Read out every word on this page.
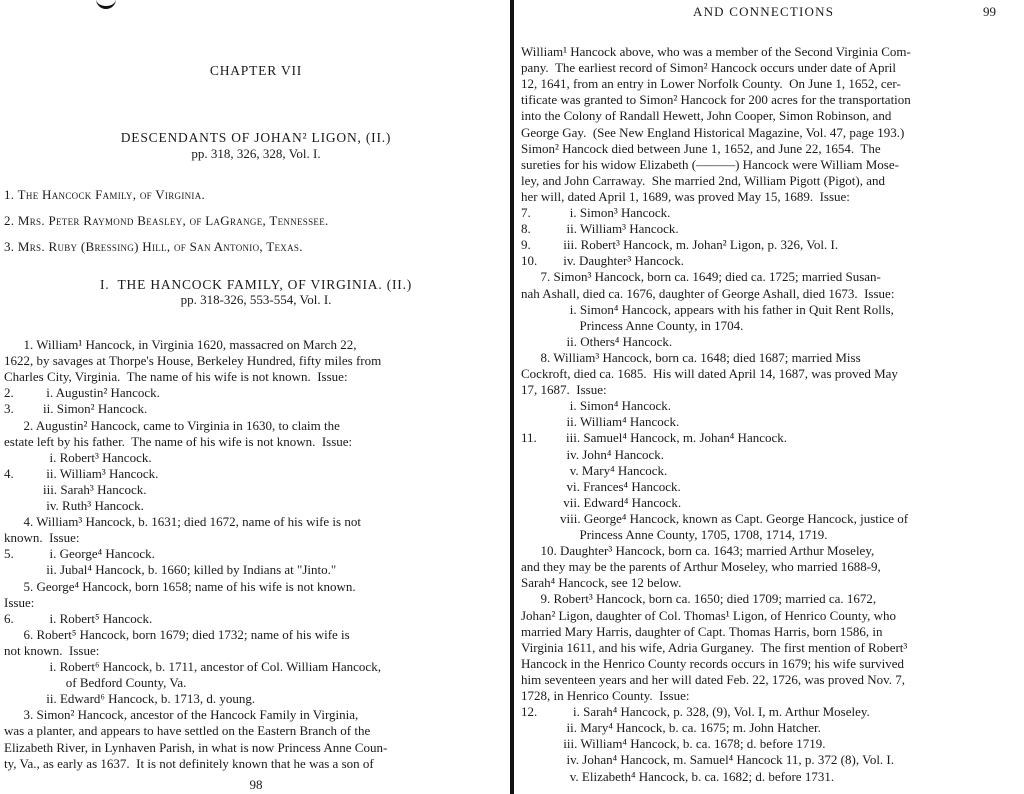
CHAPTER VII
DESCENDANTS OF JOHAN² LIGON, (II.)
pp. 318, 326, 328, Vol. I.
1. The Hancock Family, of Virginia.
2. Mrs. Peter Raymond Beasley, of LaGrange, Tennessee.
3. Mrs. Ruby (Bressing) Hill, of San Antonio, Texas.
I.  THE HANCOCK FAMILY, OF VIRGINIA. (II.)
pp. 318-326, 553-554, Vol. I.
1. William¹ Hancock, in Virginia 1620, massacred on March 22,
1622, by savages at Thorpe's House, Berkeley Hundred, fifty miles from
Charles City, Virginia.  The name of his wife is not known.  Issue:
2.          i. Augustin² Hancock.
3.         ii. Simon² Hancock.
2. Augustin² Hancock, came to Virginia in 1630, to claim the
estate left by his father.  The name of his wife is not known.  Issue:
i. Robert³ Hancock.
4.          ii. William³ Hancock.
iii. Sarah³ Hancock.
iv. Ruth³ Hancock.
4. William³ Hancock, b. 1631; died 1672, name of his wife is not
known.  Issue:
5.           i. George⁴ Hancock.
ii. Jubal⁴ Hancock, b. 1660; killed by Indians at "Jinto."
5. George⁴ Hancock, born 1658; name of his wife is not known.
Issue:
6.           i. Robert⁵ Hancock.
6. Robert⁵ Hancock, born 1679; died 1732; name of his wife is
not known.  Issue:
i. Robert⁶ Hancock, b. 1711, ancestor of Col. William Hancock,
of Bedford County, Va.
ii. Edward⁶ Hancock, b. 1713, d. young.
3. Simon² Hancock, ancestor of the Hancock Family in Virginia,
was a planter, and appears to have settled on the Eastern Branch of the
Elizabeth River, in Lynhaven Parish, in what is now Princess Anne Coun-
ty, Va., as early as 1637.  It is not definitely known that he was a son of
98
AND CONNECTIONS	99
William¹ Hancock above, who was a member of the Second Virginia Com-
pany.  The earliest record of Simon² Hancock occurs under date of April
12, 1641, from an entry in Lower Norfolk County.  On June 1, 1652, cer-
tificate was granted to Simon² Hancock for 200 acres for the transportation
into the Colony of Randall Hewett, John Cooper, Simon Robinson, and
George Gay.  (See New England Historical Magazine, Vol. 47, page 193.)
Simon² Hancock died between June 1, 1652, and June 22, 1654.  The
sureties for his widow Elizabeth (———) Hancock were William Mose-
ley, and John Carraway.  She married 2nd, William Pigott (Pigot), and
her will, dated April 1, 1689, was proved May 15, 1689.  Issue:
7.            i. Simon³ Hancock.
8.           ii. William³ Hancock.
9.          iii. Robert³ Hancock, m. Johan² Ligon, p. 326, Vol. I.
10.        iv. Daughter³ Hancock.
7. Simon³ Hancock, born ca. 1649; died ca. 1725; married Susan-
nah Ashall, died ca. 1676, daughter of George Ashall, died 1673.  Issue:
i. Simon⁴ Hancock, appears with his father in Quit Rent Rolls,
Princess Anne County, in 1704.
ii. Others⁴ Hancock.
8. William³ Hancock, born ca. 1648; died 1687; married Miss
Cockroft, died ca. 1685.  His will dated April 14, 1687, was proved May
17, 1687.  Issue:
i. Simon⁴ Hancock.
ii. William⁴ Hancock.
11.         iii. Samuel⁴ Hancock, m. Johan⁴ Hancock.
iv. John⁴ Hancock.
v. Mary⁴ Hancock.
vi. Frances⁴ Hancock.
vii. Edward⁴ Hancock.
viii. George⁴ Hancock, known as Capt. George Hancock, justice of
Princess Anne County, 1705, 1708, 1714, 1719.
10. Daughter³ Hancock, born ca. 1643; married Arthur Moseley,
and they may be the parents of Arthur Moseley, who married 1688-9,
Sarah⁴ Hancock, see 12 below.
9. Robert³ Hancock, born ca. 1650; died 1709; married ca. 1672,
Johan² Ligon, daughter of Col. Thomas¹ Ligon, of Henrico County, who
married Mary Harris, daughter of Capt. Thomas Harris, born 1586, in
Virginia 1611, and his wife, Adria Gurganey.  The first mention of Robert³
Hancock in the Henrico County records occurs in 1679; his wife survived
him seventeen years and her will dated Feb. 22, 1726, was proved Nov. 7,
1728, in Henrico County.  Issue:
12.           i. Sarah⁴ Hancock, p. 328, (9), Vol. I, m. Arthur Moseley.
ii. Mary⁴ Hancock, b. ca. 1675; m. John Hatcher.
iii. William⁴ Hancock, b. ca. 1678; d. before 1719.
iv. Johan⁴ Hancock, m. Samuel⁴ Hancock 11, p. 372 (8), Vol. I.
v. Elizabeth⁴ Hancock, b. ca. 1682; d. before 1731.
